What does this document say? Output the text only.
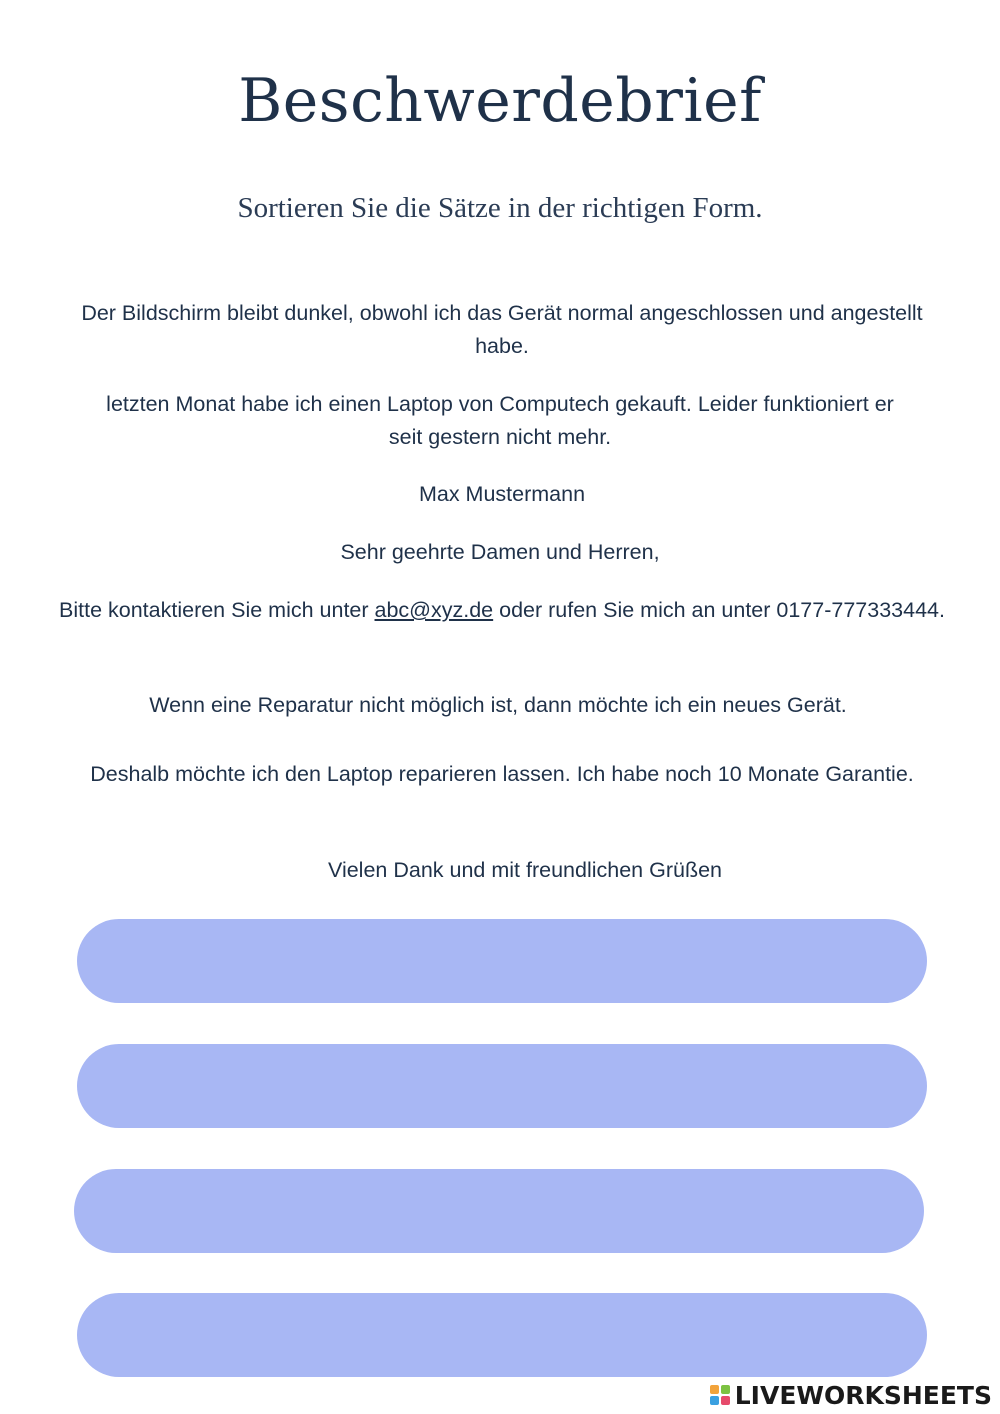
Beschwerdebrief
Sortieren Sie die Sätze in der richtigen Form.
Der Bildschirm bleibt dunkel, obwohl ich das Gerät normal angeschlossen und angestellt habe.
letzten Monat habe ich einen Laptop von Computech gekauft. Leider funktioniert er seit gestern nicht mehr.
Max Mustermann
Sehr geehrte Damen und Herren,
Bitte kontaktieren Sie mich unter abc@xyz.de oder rufen Sie mich an unter 0177-777333444.
Wenn eine Reparatur nicht möglich ist, dann möchte ich ein neues Gerät.
Deshalb möchte ich den Laptop reparieren lassen. Ich habe noch 10 Monate Garantie.
Vielen Dank und mit freundlichen Grüßen
LIVEWORKSHEETS
